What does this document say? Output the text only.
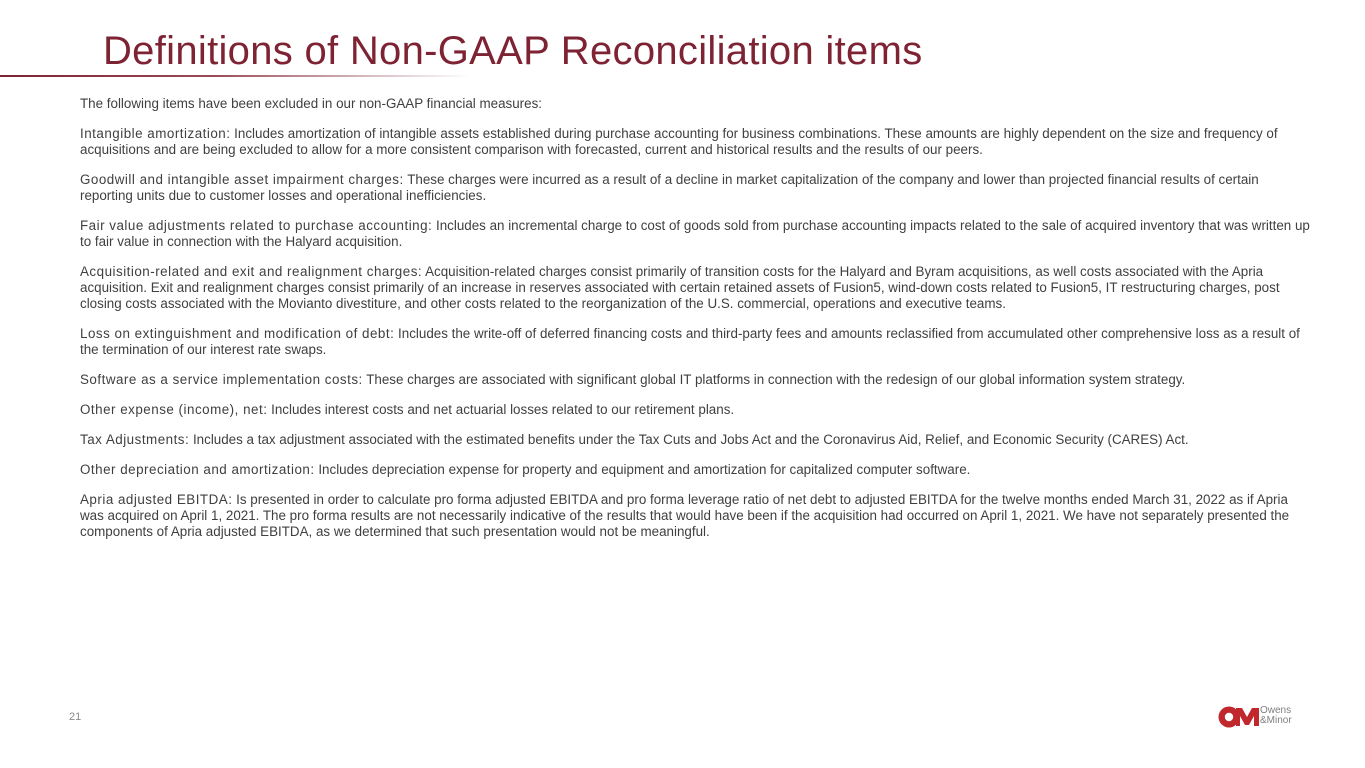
Definitions of Non-GAAP Reconciliation items

The following items have been excluded in our non-GAAP financial measures:

Intangible amortization: Includes amortization of intangible assets established during purchase accounting for business combinations. These amounts are highly dependent on the size and frequency of acquisitions and are being excluded to allow for a more consistent comparison with forecasted, current and historical results and the results of our peers.

Goodwill and intangible asset impairment charges: These charges were incurred as a result of a decline in market capitalization of the company and lower than projected financial results of certain reporting units due to customer losses and operational inefficiencies.

Fair value adjustments related to purchase accounting: Includes an incremental charge to cost of goods sold from purchase accounting impacts related to the sale of acquired inventory that was written up to fair value in connection with the Halyard acquisition.

Acquisition-related and exit and realignment charges: Acquisition-related charges consist primarily of transition costs for the Halyard and Byram acquisitions, as well costs associated with the Apria acquisition. Exit and realignment charges consist primarily of an increase in reserves associated with certain retained assets of Fusion5, wind-down costs related to Fusion5, IT restructuring charges, post closing costs associated with the Movianto divestiture, and other costs related to the reorganization of the U.S. commercial, operations and executive teams.

Loss on extinguishment and modification of debt: Includes the write-off of deferred financing costs and third-party fees and amounts reclassified from accumulated other comprehensive loss as a result of the termination of our interest rate swaps.

Software as a service implementation costs: These charges are associated with significant global IT platforms in connection with the redesign of our global information system strategy.

Other expense (income), net: Includes interest costs and net actuarial losses related to our retirement plans.

Tax Adjustments: Includes a tax adjustment associated with the estimated benefits under the Tax Cuts and Jobs Act and the Coronavirus Aid, Relief, and Economic Security (CARES) Act.

Other depreciation and amortization: Includes depreciation expense for property and equipment and amortization for capitalized computer software.

Apria adjusted EBITDA: Is presented in order to calculate pro forma adjusted EBITDA and pro forma leverage ratio of net debt to adjusted EBITDA for the twelve months ended March 31, 2022 as if Apria was acquired on April 1, 2021. The pro forma results are not necessarily indicative of the results that would have been if the acquisition had occurred on April 1, 2021. We have not separately presented the components of Apria adjusted EBITDA, as we determined that such presentation would not be meaningful.

21
Owens
&Minor
